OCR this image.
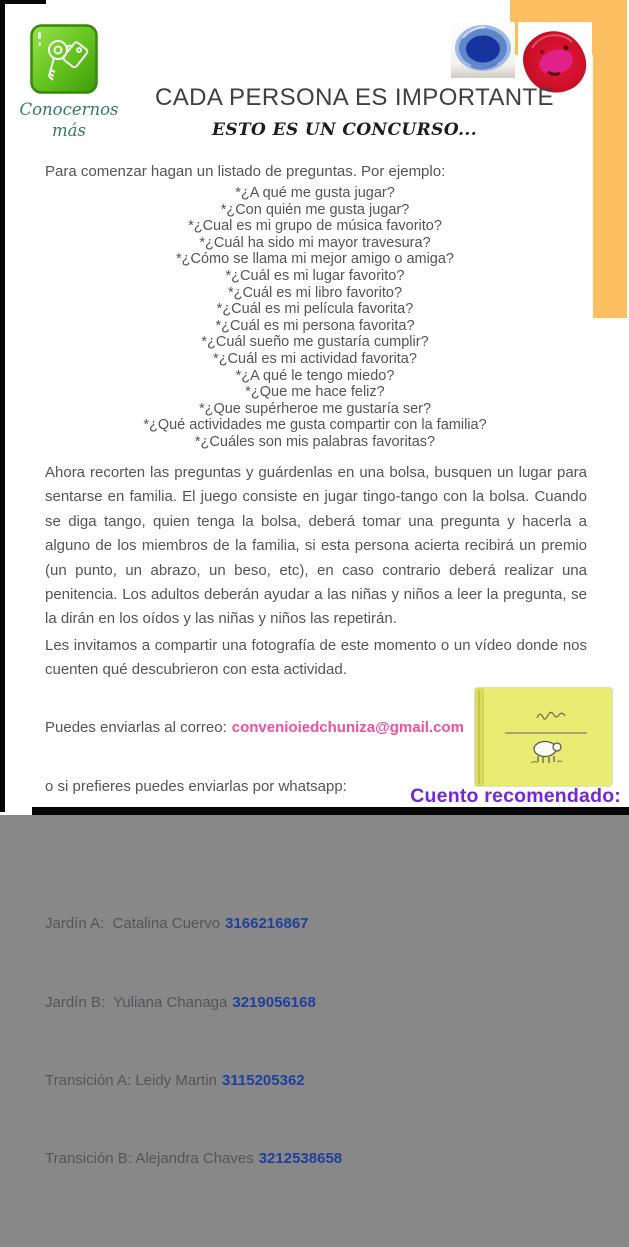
Conocernos
más
CADA PERSONA ES IMPORTANTE
ESTO ES UN CONCURSO...
Para comenzar hagan un listado de preguntas. Por ejemplo:
*¿A qué me gusta jugar?
*¿Con quién me gusta jugar?
*¿Cual es mi grupo de música favorito?
*¿Cuál ha sido mi mayor travesura?
*¿Cómo se llama mi mejor amigo o amiga?
*¿Cuál es mi lugar favorito?
*¿Cuál es mi libro favorito?
*¿Cuál es mi película favorita?
*¿Cuál es mi persona favorita?
*¿Cuál sueño me gustaría cumplir?
*¿Cuál es mi actividad favorita?
*¿A qué le tengo miedo?
*¿Que me hace feliz?
*¿Que supérheroe me gustaría ser?
*¿Qué actividades me gusta compartir con la familia?
*¿Cuáles son mis palabras favoritas?
Ahora recorten las preguntas y guárdenlas en una bolsa, busquen un lugar para sentarse en familia. El juego consiste en jugar tingo-tango con la bolsa. Cuando se diga tango, quien tenga la bolsa, deberá tomar una pregunta y hacerla a alguno de los miembros de la familia, si esta persona acierta recibirá un premio (un punto, un abrazo, un beso, etc), en caso contrario deberá realizar una penitencia. Los adultos deberán ayudar a las niñas y niños a leer la pregunta, se la dirán en los oídos y las niñas y niños las repetirán.
Les invitamos a compartir una fotografía de este momento o un vídeo donde nos cuenten qué descubrieron con esta actividad.

Puedes enviarlas al correo: convenioiedchuniza@gmail.com

o si prefieres puedes enviarlas por whatsapp:

Jardín A:  Catalina Cuervo 3166216867

Jardín B:  Yuliana Chanaga 3219056168

Transición A: Leidy Martin 3115205362

Transición B: Alejandra Chaves 3212538658

Cuento recomendado:
